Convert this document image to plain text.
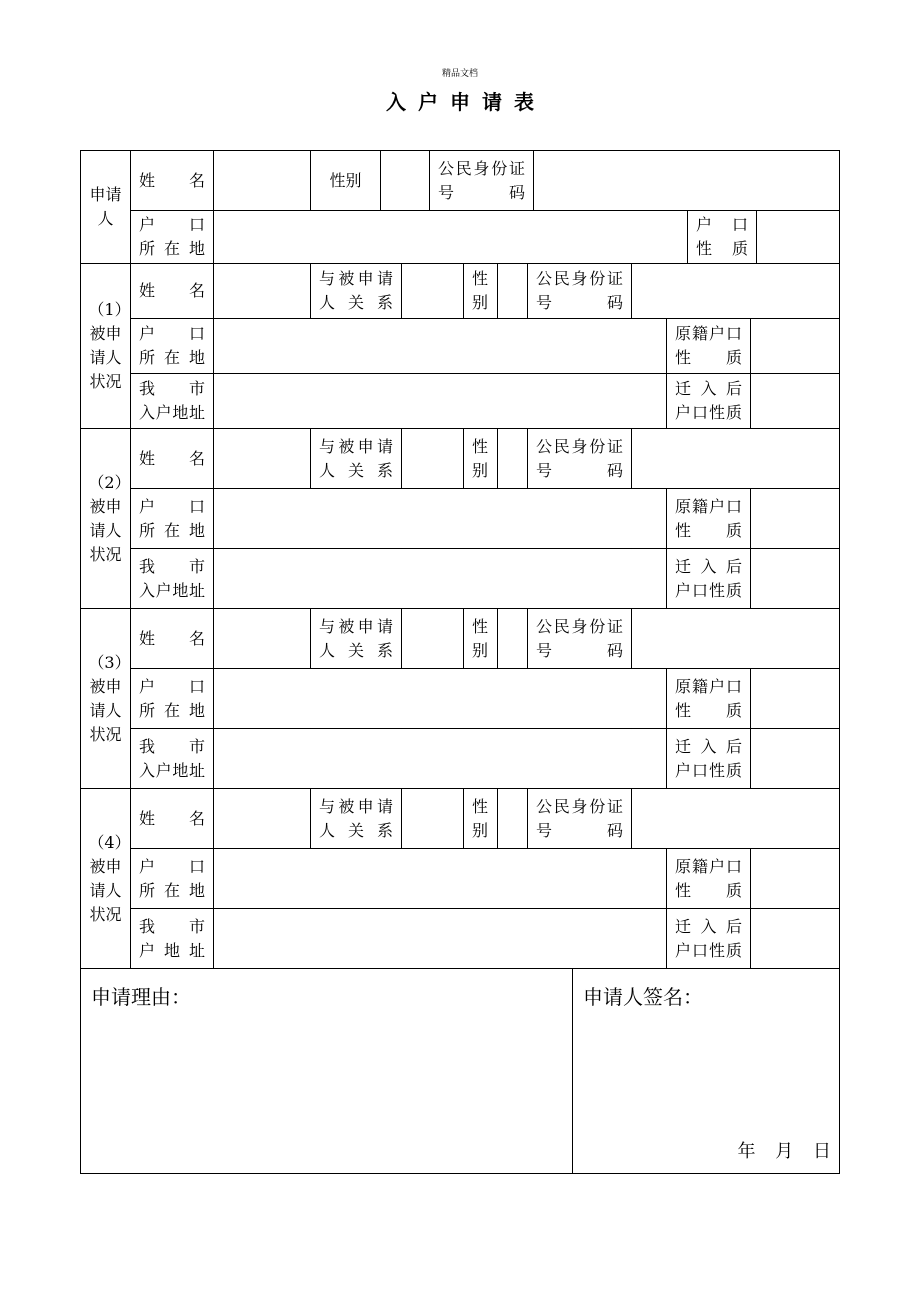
精品文档
入户申请表
申请人
姓名	性别
公民身份证
号码
户口
所在地
户口
性质
（1）被申请人状况
姓名
与被申请
人关系
性
别
公民身份证
号码
户口
所在地
原籍户口
性质
我市
入户地址
迁入后
户口性质
（2）被申请人状况
姓名
与被申请
人关系
性
别
公民身份证
号码
户口
所在地
原籍户口
性质
我市
入户地址
迁入后
户口性质
（3）被申请人状况
姓名
与被申请
人关系
性
别
公民身份证
号码
户口
所在地
原籍户口
性质
我市
入户地址
迁入后
户口性质
（4）被申请人状况
姓名
与被申请
人关系
性
别
公民身份证
号码
户口
所在地
原籍户口
性质
我市
户地址
迁入后
户口性质
申请理由：	申请人签名：
年 月 日
